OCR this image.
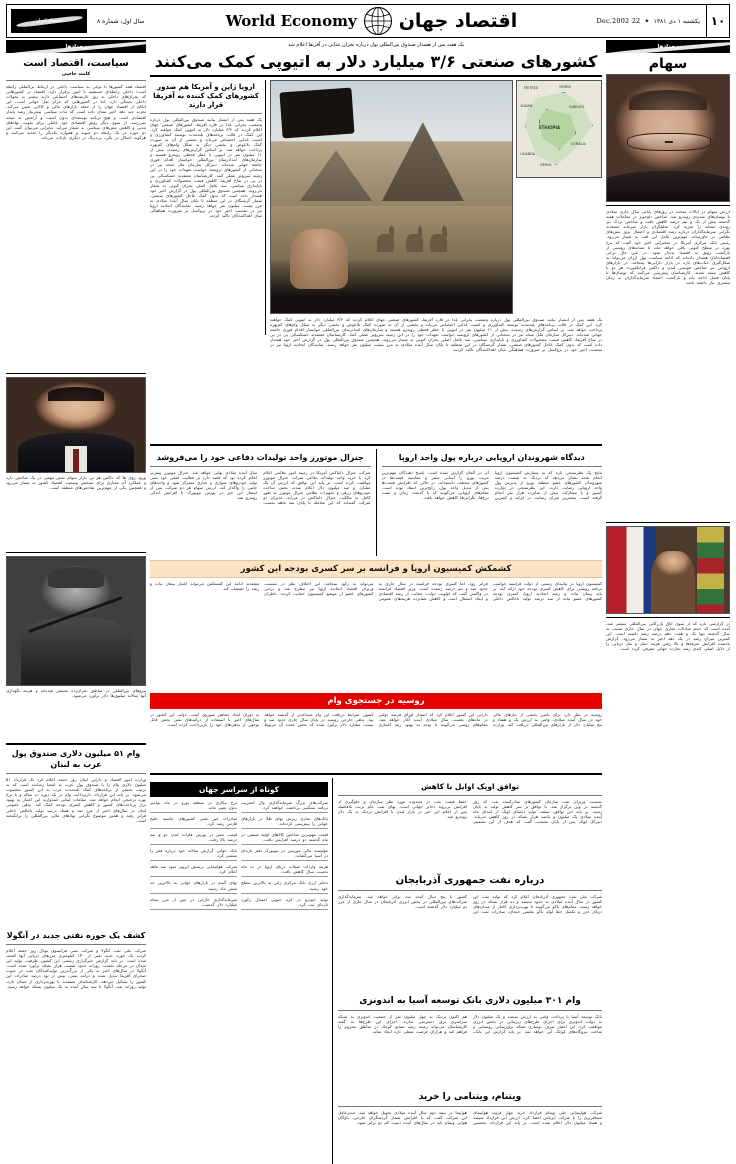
۱۰
یکشنبه ۱ دی ۱۳۸۱
✦
22 Dec.2002
اقتصاد جهان
World Economy
سال اول، شماره ۸
اقتصاد ایران
رخدادها
سهام
ارزش سهام در ایالات متحده در روزهای پایانی سال جاری میلادی با نوسان‌های شدیدی روبه‌رو شد. شاخص داوجونز در معاملات هفته گذشته بیش از یک و نیم درصد کاهش یافت و شاخص نزدک نیز روندی مشابه را تجربه کرد. تحلیلگران بازار سرمایه معتقدند نگرانی سرمایه‌گذاران درباره رشد اقتصادی و احتمال بروز تنش‌های نظامی در خاورمیانه، مهم‌ترین عامل این افت به شمار می‌رود. رئیس بانک مرکزی آمریکا در سخنرانی اخیر خود گفت که نرخ بهره در سطح کنونی باقی خواهد ماند تا نشانه‌های روشنی از بازگشت رونق به اقتصاد پدیدار شود. در عین حال برخی اقتصاددانان هشدار داده‌اند که ادامه سیاست پول ارزان می‌تواند به شکل‌گیری حباب‌های تازه در بازار دارایی‌ها بینجامد. در بازارهای اروپایی نیز شاخص فوتسی لندن و داکس فرانکفورت هر دو با کاهش بسته شدند. کارشناسان پیش‌بینی می‌کنند که نوسان‌ها تا پایان فصل ادامه یابد و بازگشت اعتماد سرمایه‌گذاران به زمان بیشتری نیاز داشته باشد.
در گزارشی تازه که از سوی اتاق بازرگانی بین‌المللی منتشر شد، آمده است که حجم مبادلات تجاری جهان در سال جاری نسبت به سال گذشته تنها یک و هفت دهم درصد رشد داشته است. این کمترین میزان رشد در یک دهه اخیر به شمار می‌رود. گزارش یادشده افزایش تعرفه‌ها و بالا رفتن هزینه حمل و نقل دریایی را از دلایل اصلی کندی رشد تجارت جهانی معرفی کرده است.
یک هفته پس از هشدار صندوق بین‌المللی پول درباره بحران غذایی در آفریقا اعلام شد
کشورهای صنعتی ۳/۶ میلیارد دلار به اتیوپی کمک می‌کنند
ERITREA	YEMEN
SUDAN	DJIBOUTI
ETHIOPIA
SOMALIA
KENYA
UGANDA
یک هفته پس از انتشار بیانیه صندوق بین‌المللی پول درباره وضعیت بحرانی غذا در قاره آفریقا، کشورهای صنعتی جهان اعلام کردند که ۳/۶ میلیارد دلار به اتیوپی کمک خواهند کرد. این کمک در قالب برنامه‌های بلندمدت توسعه کشاورزی و امنیت غذایی اختصاص می‌یابد و بخشی از آن به صورت کمک بلاعوض و بخشی دیگر به شکل وام‌های کم‌بهره پرداخت خواهد شد. بر اساس گزارش‌های رسیده، بیش از ۱۱ میلیون نفر در اتیوپی با خطر قحطی روبه‌رو هستند و سازمان‌های امدادرسان بین‌المللی خواستار اقدام فوری جامعه جهانی شده‌اند. دبیرکل سازمان ملل متحد نیز در سخنانی از کشورهای ثروتمند خواست تعهدات خود را در این زمینه سریع‌تر عملی کنند. کارشناسان معتقدند خشکسالی پی در پی در شاخ آفریقا، کاهش قیمت محصولات کشاورزی و ناپایداری سیاسی، سه عامل اصلی بحران کنونی به شمار می‌روند. همچنین صندوق بین‌المللی پول در گزارش اخیر خود هشدار داده است که بدون کمک عاجل کشورهای صنعتی، شمار گرسنگان در این منطقه تا پایان سال آینده میلادی به مرز بیست میلیون نفر خواهد رسید. نمایندگان اتحادیه اروپا نیز در نشست اخیر خود در بروکسل بر ضرورت هماهنگی میان اهداکنندگان تاکید کردند.
اروپا ژاپن و آمریکا هم صدور کشورهای کمک کننده به آفریقا قرار دارند
یک هفته پس از انتشار بیانیه صندوق بین‌المللی پول درباره وضعیت بحرانی غذا در قاره آفریقا، کشورهای صنعتی جهان اعلام کردند که ۳/۶ میلیارد دلار به اتیوپی کمک خواهند کرد. این کمک در قالب برنامه‌های بلندمدت توسعه کشاورزی و امنیت غذایی اختصاص می‌یابد و بخشی از آن به صورت کمک بلاعوض و بخشی دیگر به شکل وام‌های کم‌بهره پرداخت خواهد شد. بر اساس گزارش‌های رسیده، بیش از ۱۱ میلیون نفر در اتیوپی با خطر قحطی روبه‌رو هستند و سازمان‌های امدادرسان بین‌المللی خواستار اقدام فوری جامعه جهانی شده‌اند. دبیرکل سازمان ملل متحد نیز در سخنانی از کشورهای ثروتمند خواست تعهدات خود را در این زمینه سریع‌تر عملی کنند. کارشناسان معتقدند خشکسالی پی در پی در شاخ آفریقا، کاهش قیمت محصولات کشاورزی و ناپایداری سیاسی، سه عامل اصلی بحران کنونی به شمار می‌روند. همچنین صندوق بین‌المللی پول در گزارش اخیر خود هشدار داده است که بدون کمک عاجل کشورهای صنعتی، شمار گرسنگان در این منطقه تا پایان سال آینده میلادی به مرز بیست میلیون نفر خواهد رسید. نمایندگان اتحادیه اروپا نیز در نشست اخیر خود در بروکسل بر ضرورت هماهنگی میان اهداکنندگان تاکید کردند.
دیدگاه شهروندان اروپایی درباره پول واحد اروپا
نتایج یک نظرسنجی تازه که به سفارش کمیسیون اروپا انجام شده نشان می‌دهد که نزدیک به شصت درصد شهروندان کشورهای عضو منطقه یورو از پذیرش پول واحد اروپایی رضایت دارند. این نظرسنجی در دوازده کشور و با مشارکت بیش از شانزده هزار نفر انجام گرفته است. بیشترین میزان رضایت در ایرلند و کمترین آن در آلمان گزارش شده است. پاسخ دهندگان مهم‌ترین مزیت یورو را آسانی سفر و مقایسه قیمت‌ها در کشورهای مختلف دانسته‌اند، در حالی که افزایش قیمت‌ها پس از تبدیل واحد پول، رایج‌ترین انتقاد بوده است. مقام‌های اروپایی می‌گویند که با گذشت زمان و تثبیت نرخ‌ها، نگرانی‌ها کاهش خواهد یافت.
جنرال موتورز واحد تولیدات دفاعی خود را می‌فروشد
شرکت جنرال دایناکس آمریکا در زمینه امور نظامی اعلام کرد با خرید واحد تولیدات دفاعی شرکت جنرال موتورز موافقت کرده است. بر پایه این توافق که ارزش آن یک میلیارد و صد میلیون دلار اعلام شده، بخش ساخت خودروهای زرهی و تجهیزات نظامی جنرال موتورز به طور کامل به مالکیت جنرال دایناکس در می‌آید. مدیران دو شرکت گفته‌اند که این معامله تا پایان سه ماهه نخست سال آینده میلادی نهایی خواهد شد. جنرال موتورز پیش‌تر اعلام کرده بود که قصد دارد بر فعالیت اصلی خود یعنی تولید خودروهای سواری و تجاری متمرکز شود و واحدهای جانبی را واگذار کند. ارزش سهام هر دو شرکت پس از انتشار این خبر در بورس نیویورک با افزایش اندکی روبه‌رو شد.
کشمکش کمیسیون اروپا و فرانسه بر سر کسری بودجه این کشور
کمیسیون اروپا در بیانیه‌ای رسمی از دولت فرانسه خواست برنامه روشنی برای کاهش کسری بودجه خود ارائه کند. بر پایه پیمان ثبات و رشد اتحادیه اروپا، کسری بودجه کشورهای عضو نباید از سه درصد تولید ناخالص داخلی فراتر رود، اما کسری بودجه فرانسه در سال جاری به حدود سه و نیم درصد رسیده است. وزیر اقتصاد فرانسه در واکنش گفت که اولویت دولت، حمایت از رشد اقتصادی و ایجاد اشتغال است و کاهش شتابزده هزینه‌های عمومی می‌تواند به رکود بینجامد. این اختلاف نظر در نشست وزیران اقتصاد اتحادیه اروپا نیز مطرح شد و برخی کشورهای عضو از موضع کمیسیون حمایت کردند. ناظران معتقدند ادامه این کشمکش می‌تواند اعتبار پیمان ثبات و رشد را تضعیف کند.
روسیه در جستجوی وام
روسیه در نظر دارد برای تامین بخشی از نیازهای مالی خود در سال آینده میلادی، وامی به ارزش یک و هفتاد و پنج میلیارد دلار از بازارهای بین‌المللی دریافت کند. وزارت دارایی این کشور اعلام کرد که انتشار اوراق قرضه دولتی در ماه‌های نخست سال میلادی آینده آغاز خواهد شد. مقام‌های روسی می‌گویند با توجه به بهبود رتبه اعتباری کشور، شرایط دریافت این وام مساعدتر از گذشته خواهد بود. بدهی خارجی روسیه در پایان سال جاری حدود صد و بیست میلیارد دلار برآورد شده که بخش عمده آن مربوط به دوران اتحاد جماهیر شوروی است. دولت این کشور در سال‌های اخیر با استفاده از درآمدهای نفتی بخش قابل توجهی از بدهی‌های خود را بازپرداخت کرده است.
توافق اوپک اوایل با کاهش
نشست وزیران نفت سازمان کشورهای صادرکننده نفت که روز گذشته در وین برگزار شد، با توافق بر سر کاهش تولید به پایان رسید. بر پایه این توافق، سقف تولید اعضای اوپک از ابتدای ماه آینده میلادی یک میلیون و پانصد هزار بشکه در روز کاهش می‌یابد. دبیرکل اوپک پس از پایان نشست گفت که هدف از این تصمیم، حفظ قیمت نفت در محدوده مورد نظر سازمان و جلوگیری از افزایش بی‌رویه ذخایر جهانی است. بهای نفت خام برنت بلافاصله پس از اعلام این خبر در بازار لندن با افزایش نزدیک به یک دلار روبه‌رو شد.
درباره نفت جمهوری آذربایجان
شرکت ملی نفت جمهوری آذربایجان اعلام کرد که تولید نفت این کشور در سال آینده میلادی به حدود سیصد و ده هزار بشکه در روز خواهد رسید. مقام‌های باکو می‌گویند با بهره‌برداری کامل از میدان‌های دریای خزر و تکمیل خط لوله باکو تفلیس جیحان، صادرات نفت این کشور تا پنج سال آینده سه برابر خواهد شد. سرمایه‌گذاری شرکت‌های بین‌المللی در بخش انرژی آذربایجان در سال جاری از مرز دو میلیارد دلار گذشته است.
وام ۳۰۱ میلیون دلاری بانک توسعه آسیا به اندونزی
بانک توسعه آسیا با پرداخت وامی به ارزش سیصد و یک میلیون دلار به دولت اندونزی برای اجرای طرح‌های زیربنایی در بخش انرژی موافقت کرد. این اعتبار صرف نوسازی شبکه برق‌رسانی روستایی و ساخت نیروگاه‌های کوچک آبی خواهد شد. بر پایه گزارش این بانک، هم اکنون نزدیک به چهل میلیون نفر از جمعیت اندونزی به شبکه سراسری برق دسترسی ندارند. اجرای این طرح‌ها به گفته کارشناسان می‌تواند زمینه رشد صنایع کوچک در مناطق محروم را فراهم کند و هزاران فرصت شغلی تازه ایجاد نماید.
ویتنام، ویتنامی را خرید
شرکت هواپیمایی ملی ویتنام قرارداد خرید چهار فروند هواپیمای مسافربری را با شرکت ایرباس امضا کرد. ارزش این قرارداد سیصد و هفتاد میلیون دلار اعلام شده است. بر پایه این قرارداد، نخستین هواپیما در نیمه دوم سال آینده میلادی تحویل خواهد شد. مدیرعامل این شرکت گفت که با افزایش شمار گردشگران خارجی، ناوگان هوایی ویتنام باید در سال‌های آینده دست کم دو برابر شود.
کوتاه از سراسر جهان
شرکت‌های بزرگ سرمایه‌گذاری وال استریت برنامه سنگینی برداشت خواهند کرد.
بانک‌های تجاری ریزش بهای طلا در بازارهای جهانی را پیش‌بینی کرده‌اند.
قیمت مهم‌ترین شاخص کالاهای اولیه صنعتی در ماه گذشته دو درصد افزایش یافت.
مؤسسه مالی موریس در نیویورک دفتر تازه‌ای در آسیا می‌گشاید.
هزینه واردات شیلات دریای اروپا در ده ماه نخست سال کاهش یافت.
ذخایر ارزی بانک مرکزی ژاپن به بالاترین سطح خود رسید.
تولید خودرو در کره جنوبی امسال رکورد تازه‌ای ثبت کرد.
نرخ بیکاری در منطقه یورو در ماه نوامبر بدون تغییر ماند.
صادرات غیر نفتی کشورهای حاشیه خلیج فارس رشد کرد.
قیمت مس در بورس فلزات لندن دو و نیم درصد بالا رفت.
بانک جهانی گزارش سالانه خود درباره فقر را منتشر کرد.
شرکت هواپیمایی بریتیش ایرویز سود سه ماهه اعلام کرد.
بهای گندم در بازارهای جهانی به بالاترین حد شش ماه رسید.
سرمایه‌گذاری خارجی در چین از مرز پنجاه میلیارد دلار گذشت.
رخدادها
سیاست، اقتصاد است
کامند حاجبی
اقتصاد همه کشورها با نوعی به سیاست داخلی در ارتباط بی‌المللی رابطه است؛ داخلی رابطه‌ای مستقیم با امور برقرار دارد. اقتصاد در کشورهایی که بحران‌های داخلی به روز عارضه‌های اجتماعی دارند بیشتر به تحولات داخلی بستگی دارد. اما در کشورهایی که مرکز ثقل جهانی است، این اتکای از اقتصاد جهان را از جمله بازارهای مالی و کالایی تعیین می‌کند. تجربه چند دهه اخیر نشان داده است که ثبات سیاسی پیش‌نیاز رشد پایدار اقتصادی است و هیچ برنامه توسعه‌ای بدون امنیت و آرامش به نتیجه نمی‌رسد. از سوی دیگر رونق اقتصادی خود عاملی برای تقویت نهادهای مدنی و کاهش تنش‌های سیاسی به شمار می‌آید. بنابراین می‌توان گفت این دو حوزه در یک رابطه دو سویه و همواره یکدیگر را تغذیه می‌کنند و هرگونه اختلال در یکی، بی‌درنگ در دیگری بازتاب می‌یابد.
ورود روی ها که داکس هر بی بازار سهام نقش مهمی در یک شاخص دارد و عملکرد آن معیاری برای سنجش وضعیت اقتصاد کشور به شمار می‌رود و همچنین یکی از مهم‌ترین شاخص‌های منطقه است.
نیروهای بین‌المللی در مناطق بحران‌زده مستقر شده‌اند و هزینه نگهداری آنها سالانه میلیون‌ها دلار برآورد می‌شود.
وام ۵۱ میلیون دلاری صندوق پول عرب به لبنان
وزارت امور اقتصاد و دارایی لبنان روز جمعه اعلام کرد یک قرارداد ۵۱ میلیون دلاری وام را با صندوق پول عرب به امضا رسانده است که به ترتیب بخشی از برنامه‌های کمک بلندمدت عرب به این کشور محسوب می‌شود. بر پایه این قرارداد، بازپرداخت وام در یک دوره ده ساله و با نرخ بهره ترجیحی انجام خواهد شد. مقامات لبنانی امیدوارند این اعتبار به بهبود تراز پرداخت‌های کشور و کاهش کسری بودجه کمک کند. بدهی عمومی لبنان در سال‌های اخیر از مرز صد و هفتاد درصد تولید ناخالص داخلی فراتر رفته و همین موضوع نگرانی نهادهای مالی بین‌المللی را برانگیخته است.
کشف یک حوزه نفتی جدید در آنگولا
شرکت ملی نفت آنگولا و شرکت نفتی فرانسوی توتال روز جمعه اعلام کردند یک حوزه جدید نفتی از ۱۴۰ کیلومتری مرزهای دریایی آبها کشف شده است. بر پایه گزارش خبرگزاری رسمی این کشور، ظرفیت تولید این میدان در مرحله نخست روزانه حدود شصت هزار بشکه برآورد شده است. آنگولا در سال‌های اخیر به یکی از بزرگ‌ترین تولیدکنندگان نفت در جنوب صحرای آفریقا تبدیل شده و درآمد نفتی، بیش از نود درصد صادرات این کشور را تشکیل می‌دهد. کارشناسان معتقدند با بهره‌برداری از میدان تازه، تولید روزانه نفت آنگولا تا سه سال آینده به یک میلیون بشکه خواهد رسید.
